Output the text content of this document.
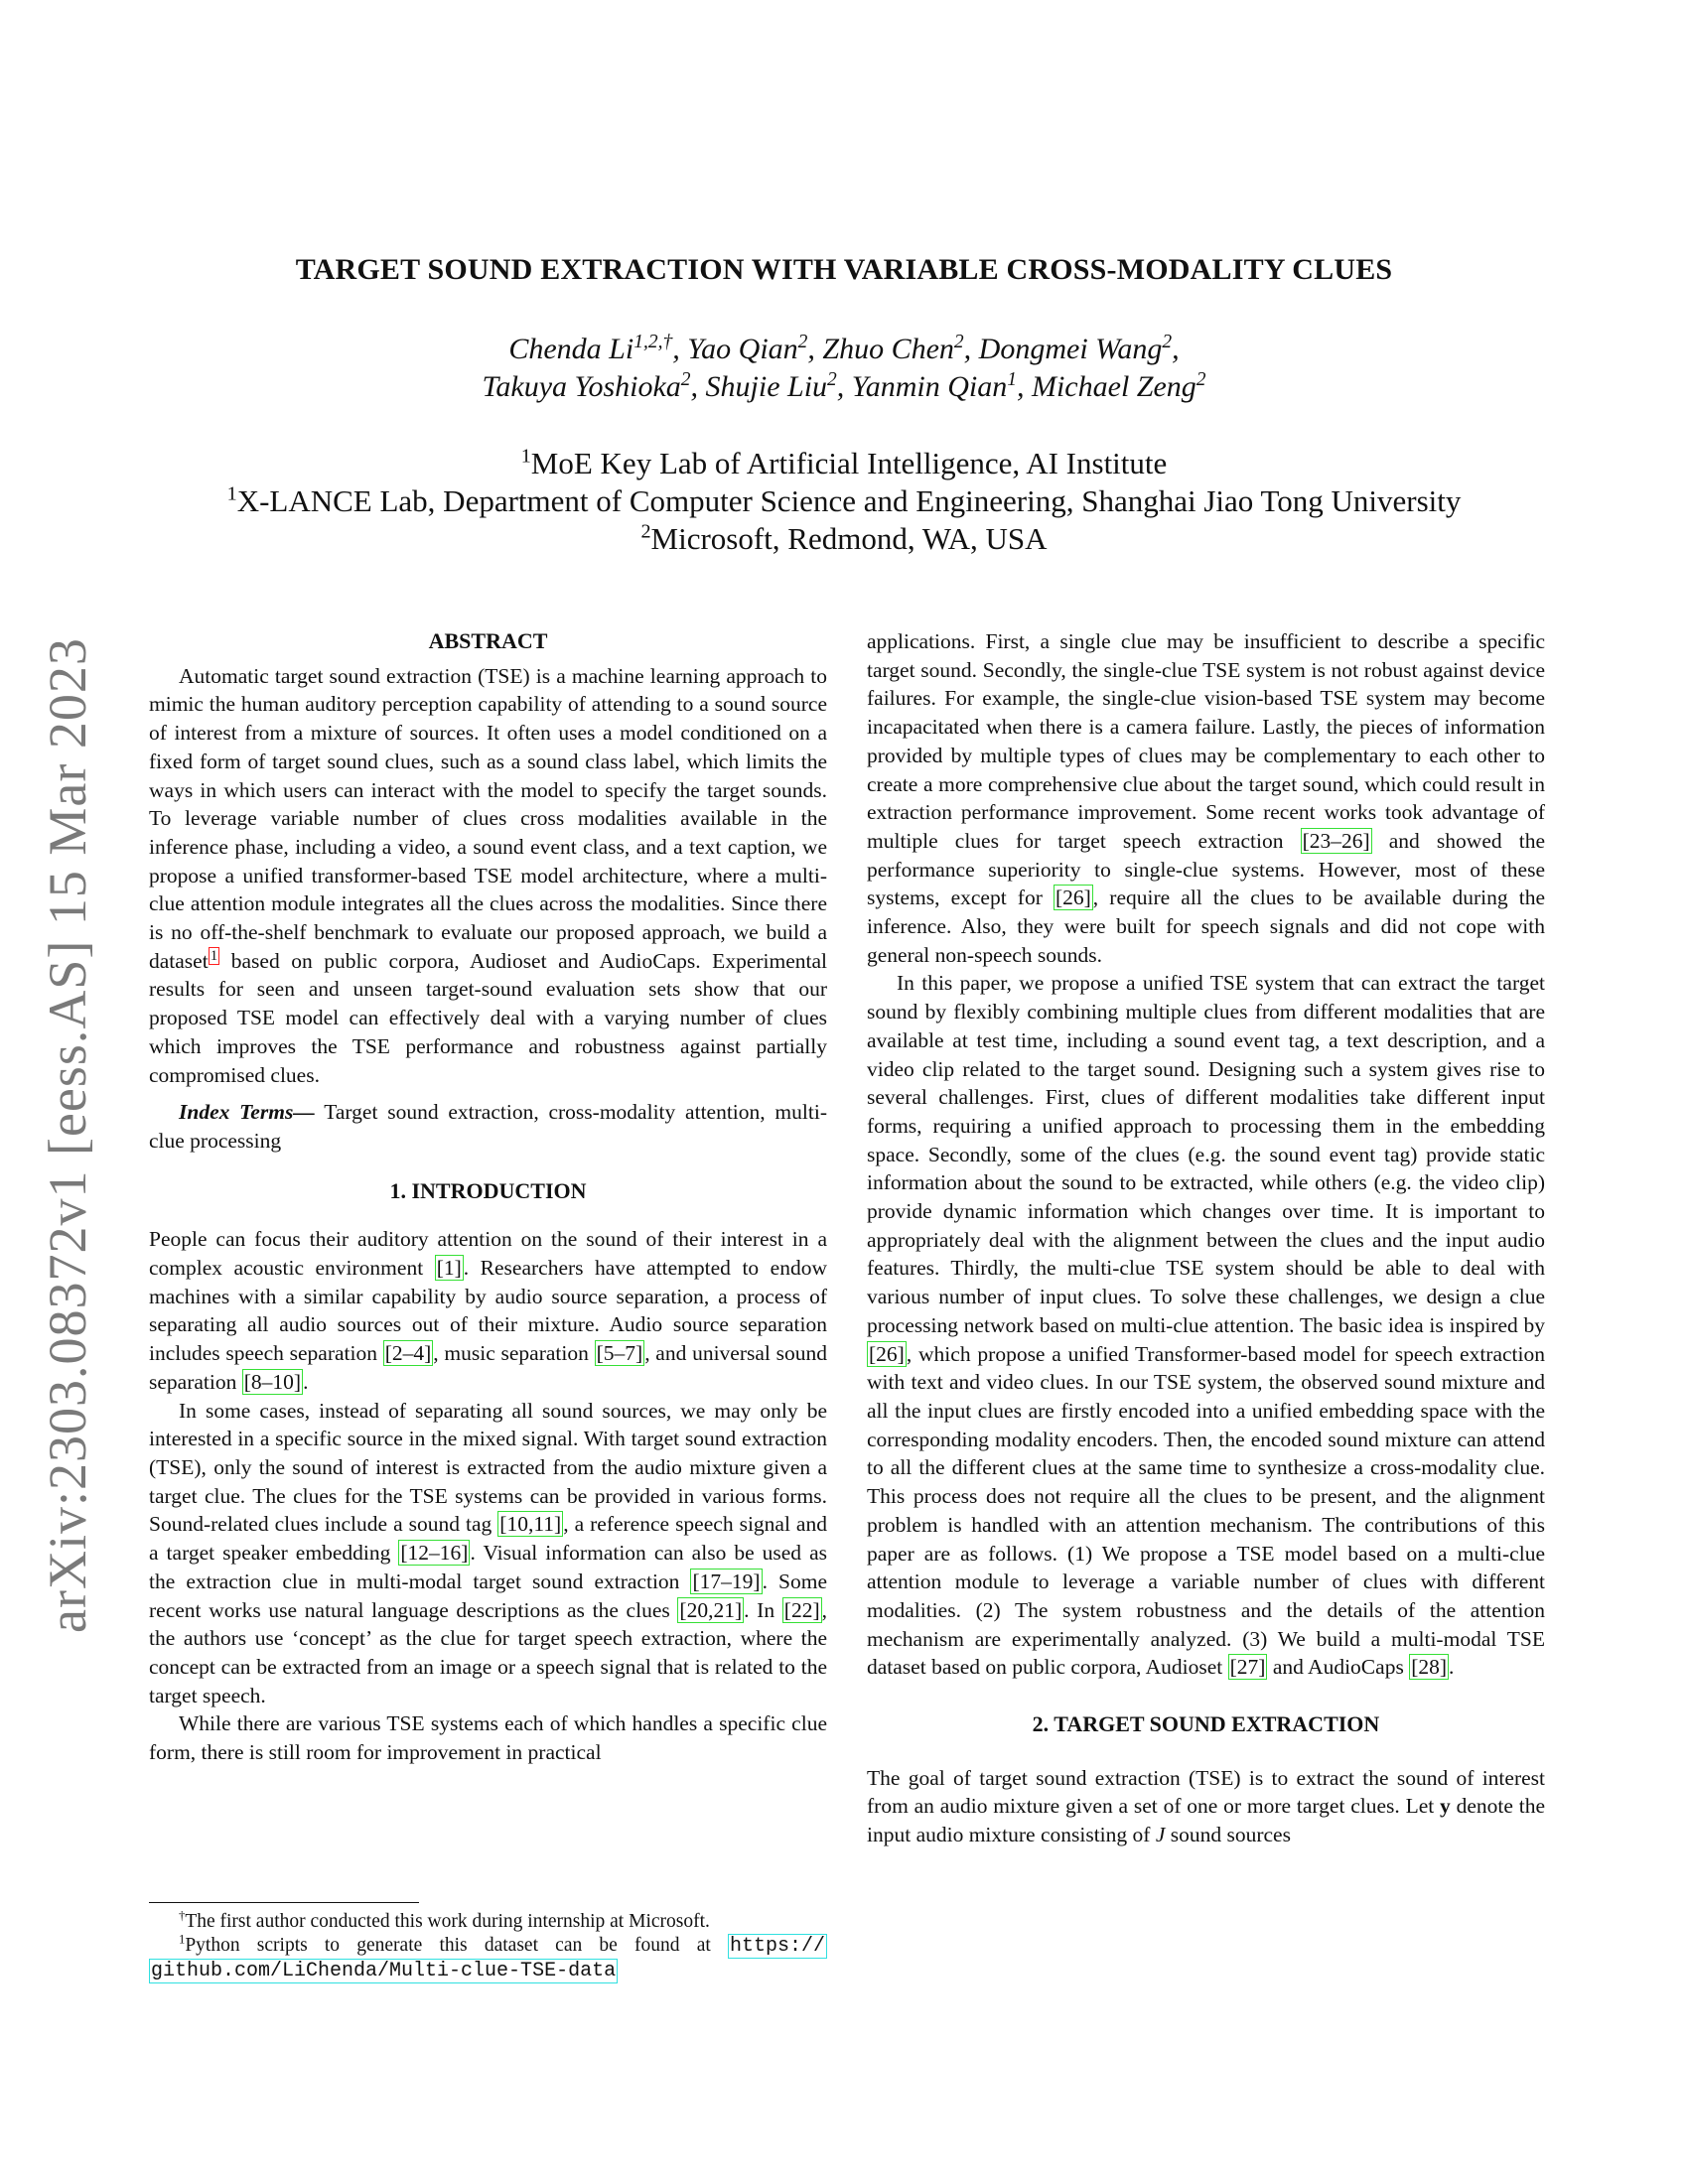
arXiv:2303.08372v1 [eess.AS] 15 Mar 2023
TARGET SOUND EXTRACTION WITH VARIABLE CROSS-MODALITY CLUES
Chenda $Li^{1,2,\dagger}$, Yao Qian$^2$, Zhuo Chen$^2$, Dongmei Wang$^2$,
Takuya Yoshioka$^2$, Shujie Liu$^2$, Yanmin Qian$^1$, Michael Zeng$^2$
$^1$MoE Key Lab of Artificial Intelligence, AI Institute
$^1$X-LANCE Lab, Department of Computer Science and Engineering, Shanghai Jiao Tong University
$^2$Microsoft, Redmond, WA, USA

ABSTRACT

Automatic target sound extraction (TSE) is a machine learning approach to mimic the human auditory perception capability of attending to a sound source of interest from a mixture of sources. It often uses a model conditioned on a fixed form of target sound clues, such as a sound class label, which limits the ways in which users can interact with the model to specify the target sounds. To leverage variable number of clues cross modalities available in the inference phase, including a video, a sound event class, and a text caption, we propose a unified transformer-based TSE model architecture, where a multi-clue attention module integrates all the clues across the modalities. Since there is no off-the-shelf benchmark to evaluate our proposed approach, we build a dataset $^1$ based on public corpora, Audioset and AudioCaps. Experimental results for seen and unseen target-sound evaluation sets show that our proposed TSE model can effectively deal with a varying number of clues which improves the TSE performance and robustness against partially compromised clues.

Index Terms— Target sound extraction, cross-modality attention, multi-clue processing

1. INTRODUCTION

People can focus their auditory attention on the sound of their interest in a complex acoustic environment [1]. Researchers have attempted to endow machines with a similar capability by audio source separation, a process of separating all audio sources out of their mixture. Audio source separation includes speech separation [2–4], music separation [5–7], and universal sound separation [8–10].

In some cases, instead of separating all sound sources, we may only be interested in a specific source in the mixed signal. With target sound extraction (TSE), only the sound of interest is extracted from the audio mixture given a target clue. The clues for the TSE systems can be provided in various forms. Sound-related clues include a sound tag [10,11], a reference speech signal and a target speaker embedding [12–16]. Visual information can also be used as the extraction clue in multi-modal target sound extraction [17–19]. Some recent works use natural language descriptions as the clues [20,21]. In [22], the authors use ‘concept’ as the clue for target speech extraction, where the concept can be extracted from an image or a speech signal that is related to the target speech.

While there are various TSE systems each of which handles a specific clue form, there is still room for improvement in practical

applications. First, a single clue may be insufficient to describe a specific target sound. Secondly, the single-clue TSE system is not robust against device failures. For example, the single-clue vision-based TSE system may become incapacitated when there is a camera failure. Lastly, the pieces of information provided by multiple types of clues may be complementary to each other to create a more comprehensive clue about the target sound, which could result in extraction performance improvement. Some recent works took advantage of multiple clues for target speech extraction [23–26] and showed the performance superiority to single-clue systems. However, most of these systems, except for [26], require all the clues to be available during the inference. Also, they were built for speech signals and did not cope with general non-speech sounds.

In this paper, we propose a unified TSE system that can extract the target sound by flexibly combining multiple clues from different modalities that are available at test time, including a sound event tag, a text description, and a video clip related to the target sound. Designing such a system gives rise to several challenges. First, clues of different modalities take different input forms, requiring a unified approach to processing them in the embedding space. Secondly, some of the clues (e.g. the sound event tag) provide static information about the sound to be extracted, while others (e.g. the video clip) provide dynamic information which changes over time. It is important to appropriately deal with the alignment between the clues and the input audio features. Thirdly, the multi-clue TSE system should be able to deal with various number of input clues. To solve these challenges, we design a clue processing network based on multi-clue attention. The basic idea is inspired by [26], which propose a unified Transformer-based model for speech extraction with text and video clues. In our TSE system, the observed sound mixture and all the input clues are firstly encoded into a unified embedding space with the corresponding modality encoders. Then, the encoded sound mixture can attend to all the different clues at the same time to synthesize a cross-modality clue. This process does not require all the clues to be present, and the alignment problem is handled with an attention mechanism. The contributions of this paper are as follows. (1) We propose a TSE model based on a multi-clue attention module to leverage a variable number of clues with different modalities. (2) The system robustness and the details of the attention mechanism are experimentally analyzed. (3) We build a multi-modal TSE dataset based on public corpora, Audioset [27] and AudioCaps [28].

2. TARGET SOUND EXTRACTION

The goal of target sound extraction (TSE) is to extract the sound of interest from an audio mixture given a set of one or more target clues. Let y denote the input audio mixture consisting of J sound sources

†The first author conducted this work during internship at Microsoft.

$^1$Python scripts to generate this dataset can be found at https:// github.com/LiChenda/Multi-clue-TSE-data
